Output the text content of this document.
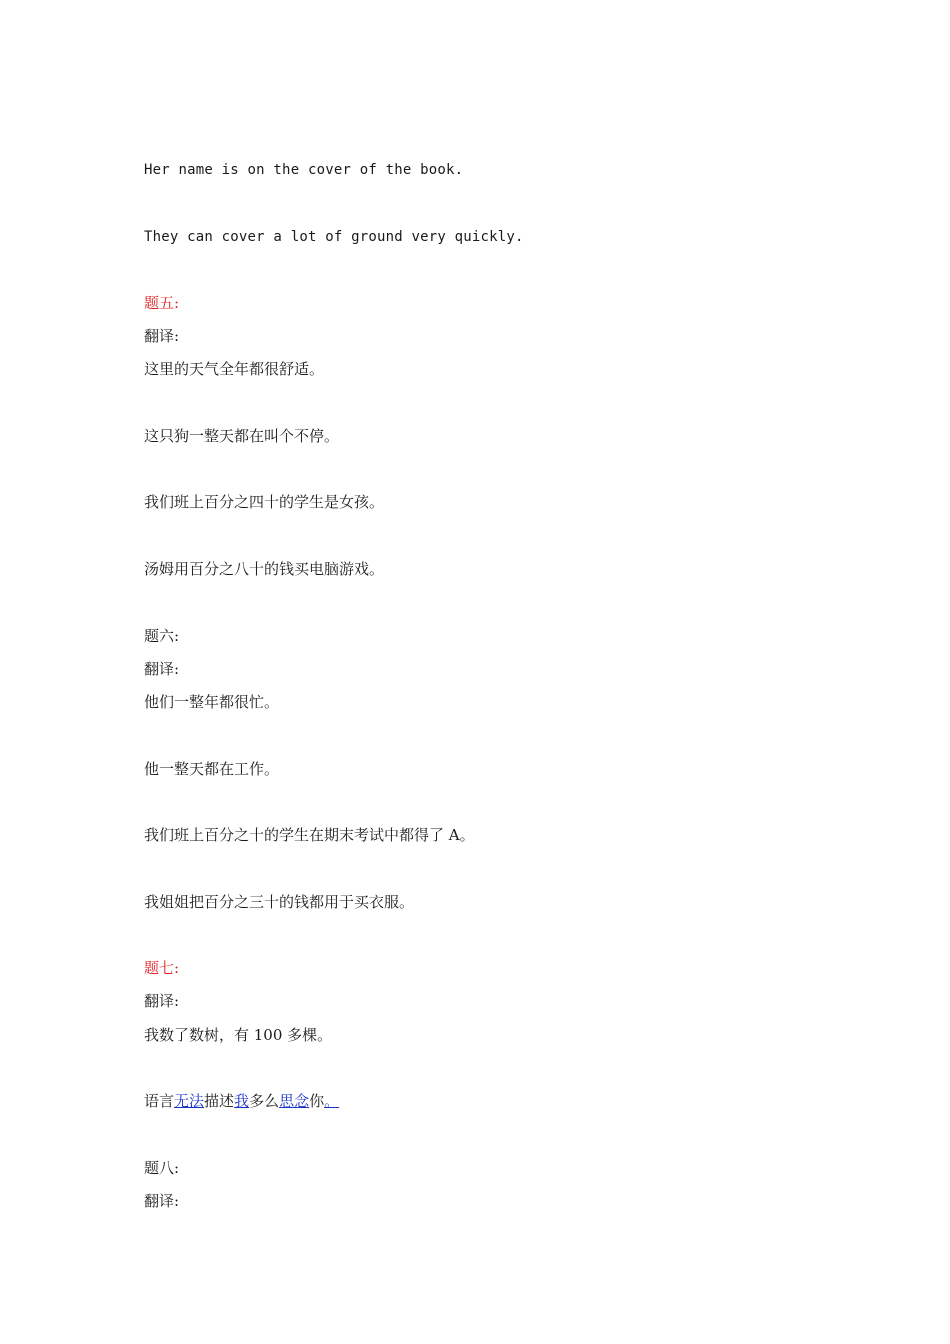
Her name is on the cover of the book.
They can cover a lot of ground very quickly.
题五:
翻译:
这里的天气全年都很舒适。
这只狗一整天都在叫个不停。
我们班上百分之四十的学生是女孩。
汤姆用百分之八十的钱买电脑游戏。
题六:
翻译:
他们一整年都很忙。
他一整天都在工作。
我们班上百分之十的学生在期末考试中都得了 A。
我姐姐把百分之三十的钱都用于买衣服。
题七:
翻译:
我数了数树，有 100 多棵。
语言无法描述我多么思念你。
题八:
翻译:
